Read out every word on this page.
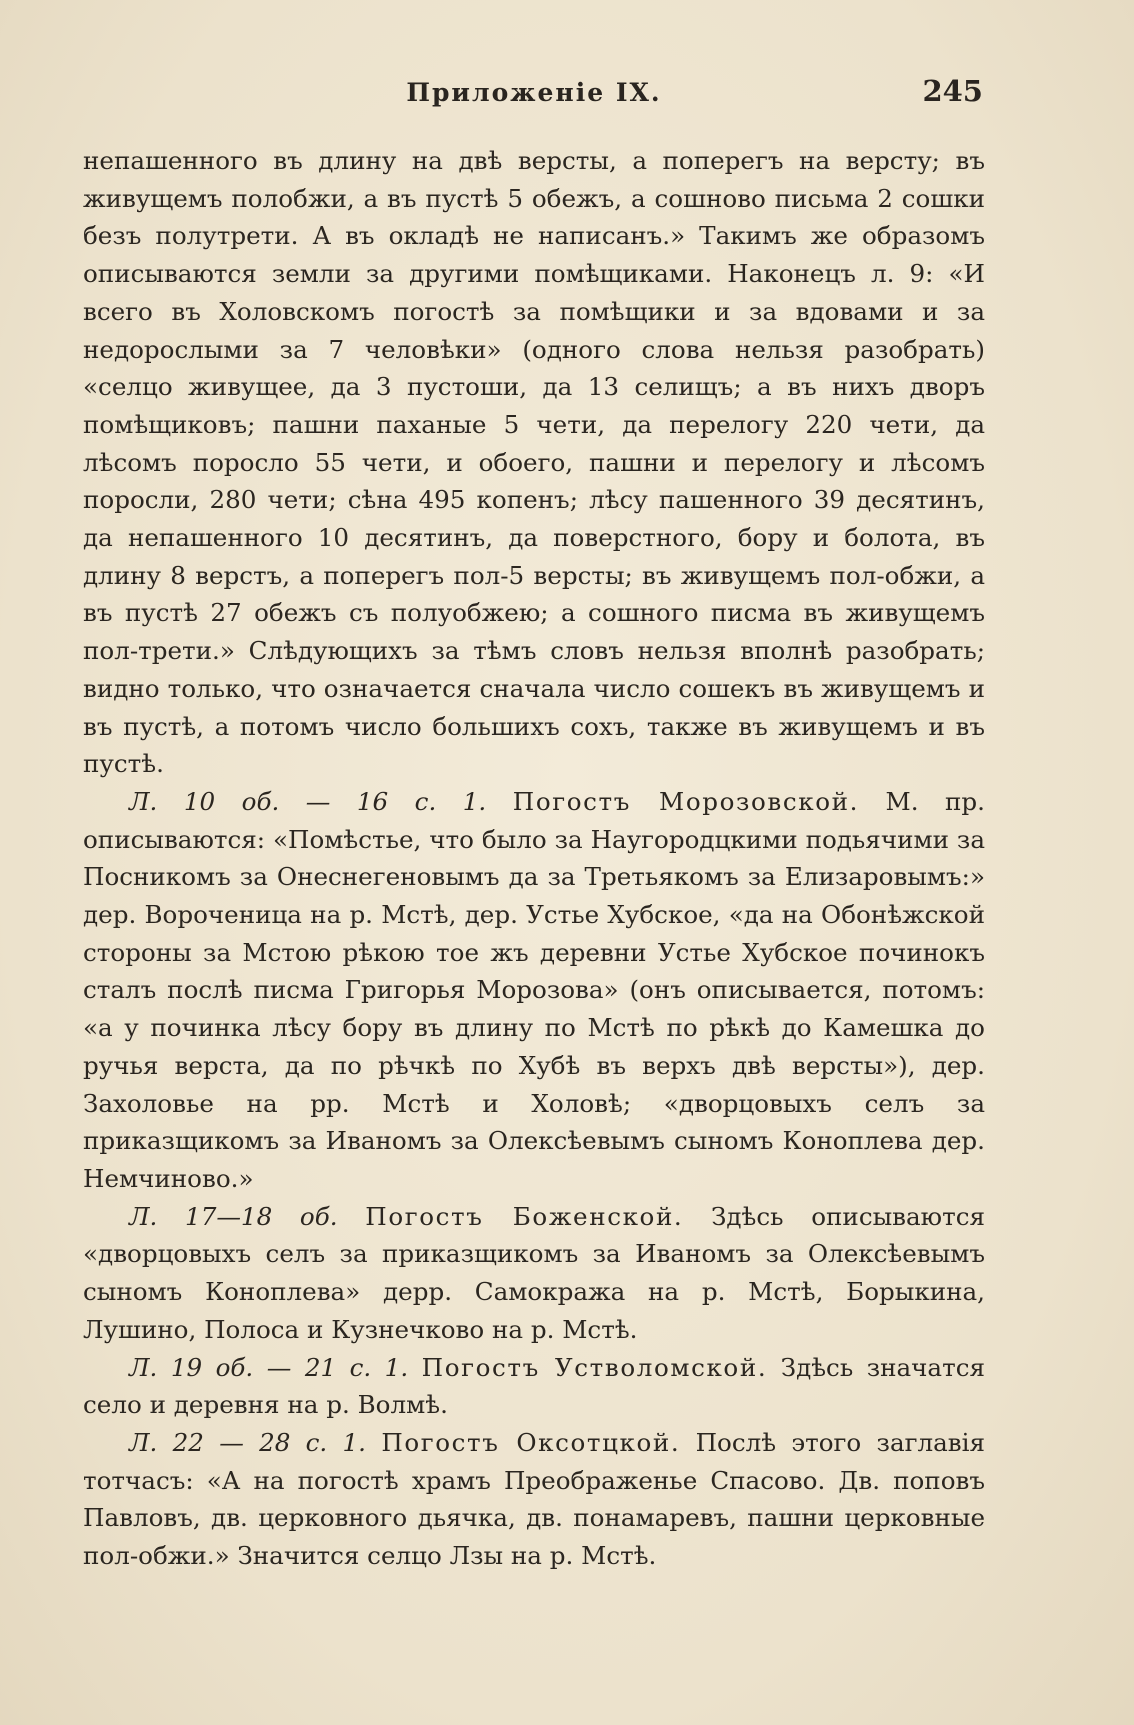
Приложеніе IX.	245

непашенного въ длину на двѣ версты, а поперегъ на версту; въ живущемъ полобжи, а въ пустѣ 5 обежъ, а сошново письма 2 сошки безъ полутрети. А въ окладѣ не написанъ.» Такимъ же образомъ описываются земли за другими помѣщиками. Наконецъ л. 9: «И всего въ Холовскомъ погостѣ за помѣщики и за вдовами и за недорослыми за 7 человѣки» (одного слова нельзя разобрать) «селцо живущее, да 3 пустоши, да 13 селищъ; а въ нихъ дворъ помѣщиковъ; пашни паханые 5 чети, да перелогу 220 чети, да лѣсомъ поросло 55 чети, и обоего, пашни и перелогу и лѣсомъ поросли, 280 чети; сѣна 495 копенъ; лѣсу пашенного 39 десятинъ, да непашенного 10 десятинъ, да поверстного, бору и болота, въ длину 8 верстъ, а поперегъ пол-5 версты; въ живущемъ пол-обжи, а въ пустѣ 27 обежъ съ полуобжею; а сошного писма въ живущемъ пол-трети.» Слѣдующихъ за тѣмъ словъ нельзя вполнѣ разобрать; видно только, что означается сначала число сошекъ въ живущемъ и въ пустѣ, а потомъ число большихъ сохъ, также въ живущемъ и въ пустѣ.

Л. 10 об. — 16 с. 1. Погостъ Морозовской. М. пр. описываются: «Помѣстье, что было за Наугородцкими подьячими за Посникомъ за Онеснегеновымъ да за Третьякомъ за Елизаровымъ:» дер. Вороченица на р. Мстѣ, дер. Устье Хубское, «да на Обонѣжской стороны за Мстою рѣкою тое жъ деревни Устье Хубское починокъ сталъ послѣ писма Григорья Морозова» (онъ описывается, потомъ: «а у починка лѣсу бору въ длину по Мстѣ по рѣкѣ до Камешка до ручья верста, да по рѣчкѣ по Хубѣ въ верхъ двѣ версты»), дер. Захоловье на рр. Мстѣ и Холовѣ; «дворцовыхъ селъ за приказщикомъ за Иваномъ за Олексѣевымъ сыномъ Коноплева дер. Немчиново.»

Л. 17—18 об. Погостъ Боженской. Здѣсь описываются «дворцовыхъ селъ за приказщикомъ за Иваномъ за Олексѣевымъ сыномъ Коноплева» дерр. Самокража на р. Мстѣ, Борыкина, Лушино, Полоса и Кузнечково на р. Мстѣ.

Л. 19 об. — 21 с. 1. Погостъ Устволомской. Здѣсь значатся село и деревня на р. Волмѣ.

Л. 22 — 28 с. 1. Погостъ Оксотцкой. Послѣ этого заглавія тотчасъ: «А на погостѣ храмъ Преображенье Спасово. Дв. поповъ Павловъ, дв. церковного дьячка, дв. понамаревъ, пашни церковные пол-обжи.» Значится селцо Лзы на р. Мстѣ.
